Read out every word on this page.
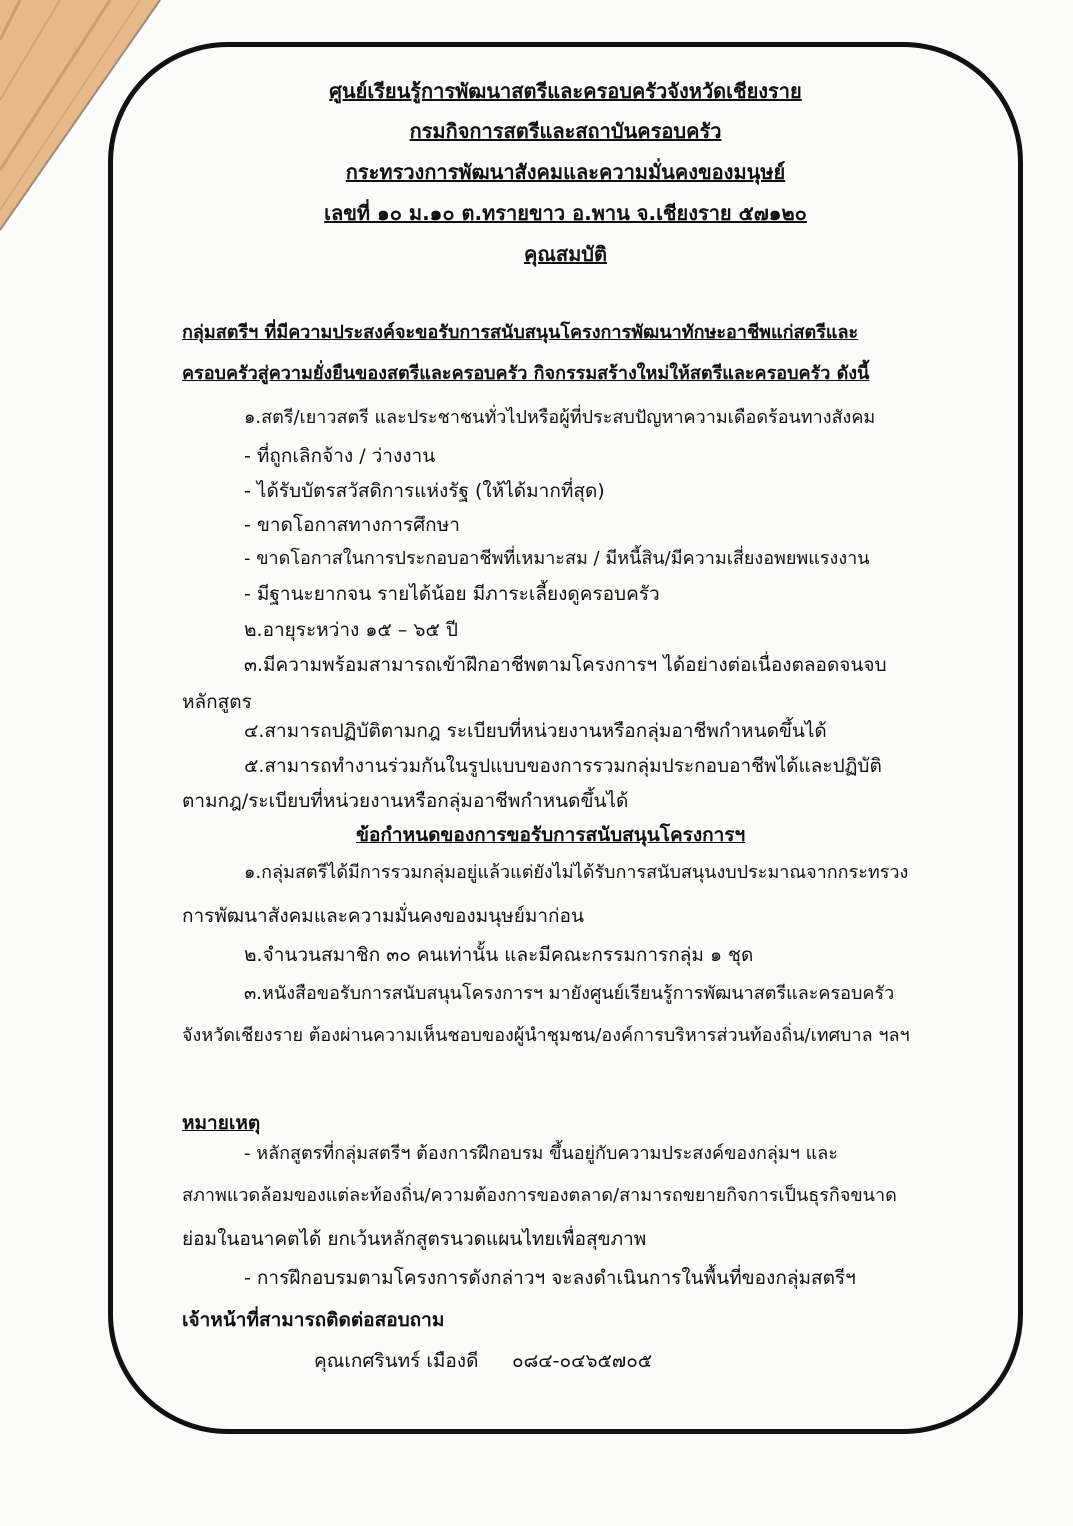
ศูนย์เรียนรู้การพัฒนาสตรีและครอบครัวจังหวัดเชียงราย
กรมกิจการสตรีและสถาบันครอบครัว
กระทรวงการพัฒนาสังคมและความมั่นคงของมนุษย์
เลขที่ ๑๐ ม.๑๐ ต.ทรายขาว อ.พาน จ.เชียงราย ๕๗๑๒๐
คุณสมบัติ
กลุ่มสตรีฯ ที่มีความประสงค์จะขอรับการสนับสนุนโครงการพัฒนาทักษะอาชีพแก่สตรีและ
ครอบครัวสู่ความยั่งยืนของสตรีและครอบครัว กิจกรรมสร้างใหม่ให้สตรีและครอบครัว ดังนี้
๑.สตรี/เยาวสตรี และประชาชนทั่วไปหรือผู้ที่ประสบปัญหาความเดือดร้อนทางสังคม
- ที่ถูกเลิกจ้าง / ว่างงาน
- ได้รับบัตรสวัสดิการแห่งรัฐ (ให้ได้มากที่สุด)
- ขาดโอกาสทางการศึกษา
- ขาดโอกาสในการประกอบอาชีพที่เหมาะสม / มีหนี้สิน/มีความเสี่ยงอพยพแรงงาน
- มีฐานะยากจน รายได้น้อย มีภาระเลี้ยงดูครอบครัว
๒.อายุระหว่าง ๑๕ – ๖๕ ปี
๓.มีความพร้อมสามารถเข้าฝึกอาชีพตามโครงการฯ ได้อย่างต่อเนื่องตลอดจนจบ
หลักสูตร
๔.สามารถปฏิบัติตามกฎ ระเบียบที่หน่วยงานหรือกลุ่มอาชีพกำหนดขึ้นได้
๕.สามารถทำงานร่วมกันในรูปแบบของการรวมกลุ่มประกอบอาชีพได้และปฏิบัติ
ตามกฎ/ระเบียบที่หน่วยงานหรือกลุ่มอาชีพกำหนดขึ้นได้
ข้อกำหนดของการขอรับการสนับสนุนโครงการฯ
๑.กลุ่มสตรีได้มีการรวมกลุ่มอยู่แล้วแต่ยังไม่ได้รับการสนับสนุนงบประมาณจากกระทรวง
การพัฒนาสังคมและความมั่นคงของมนุษย์มาก่อน
๒.จำนวนสมาชิก ๓๐ คนเท่านั้น และมีคณะกรรมการกลุ่ม ๑ ชุด
๓.หนังสือขอรับการสนับสนุนโครงการฯ มายังศูนย์เรียนรู้การพัฒนาสตรีและครอบครัว
จังหวัดเชียงราย ต้องผ่านความเห็นชอบของผู้นำชุมชน/องค์การบริหารส่วนท้องถิ่น/เทศบาล ฯลฯ
หมายเหตุ
- หลักสูตรที่กลุ่มสตรีฯ ต้องการฝึกอบรม ขึ้นอยู่กับความประสงค์ของกลุ่มฯ และ
สภาพแวดล้อมของแต่ละท้องถิ่น/ความต้องการของตลาด/สามารถขยายกิจการเป็นธุรกิจขนาด
ย่อมในอนาคตได้ ยกเว้นหลักสูตรนวดแผนไทยเพื่อสุขภาพ
- การฝึกอบรมตามโครงการดังกล่าวฯ จะลงดำเนินการในพื้นที่ของกลุ่มสตรีฯ
เจ้าหน้าที่สามารถติดต่อสอบถาม
คุณเกศรินทร์ เมืองดี ๐๘๔-๐๔๖๕๗๐๕
